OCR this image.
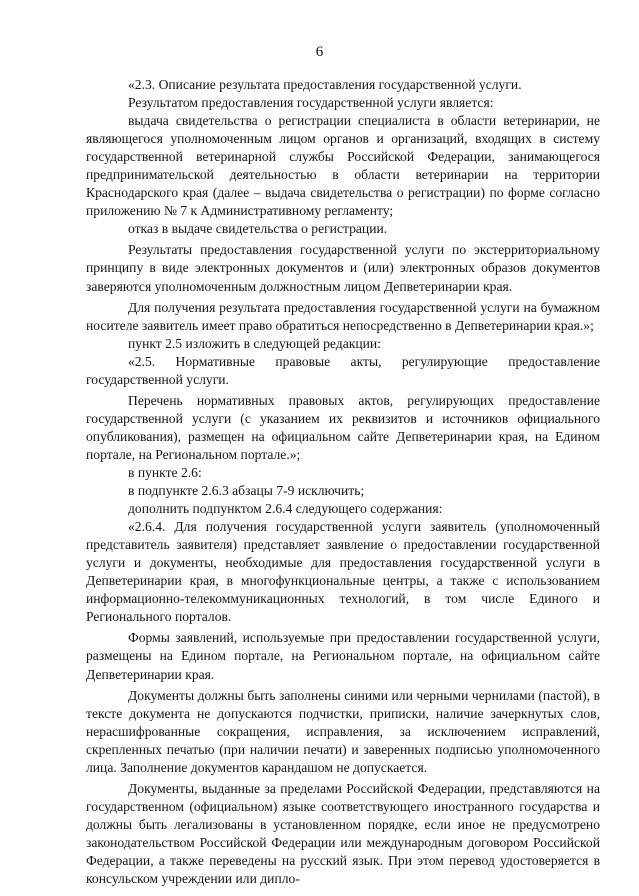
6

«2.3. Описание результата предоставления государственной услуги.

Результатом предоставления государственной услуги является:

выдача свидетельства о регистрации специалиста в области ветеринарии, не являющегося уполномоченным лицом органов и организаций, входящих в систему государственной ветеринарной службы Российской Федерации, занимающегося предпринимательской деятельностью в области ветеринарии на территории Краснодарского края (далее – выдача свидетельства о регистрации) по форме согласно приложению № 7 к Административному регламенту;

отказ в выдаче свидетельства о регистрации.

Результаты предоставления государственной услуги по экстерриториальному принципу в виде электронных документов и (или) электронных образов документов заверяются уполномоченным должностным лицом Депветеринарии края.

Для получения результата предоставления государственной услуги на бумажном носителе заявитель имеет право обратиться непосредственно в Депветеринарии края.»;

пункт 2.5 изложить в следующей редакции:

«2.5. Нормативные правовые акты, регулирующие предоставление государственной услуги.

Перечень нормативных правовых актов, регулирующих предоставление государственной услуги (с указанием их реквизитов и источников официального опубликования), размещен на официальном сайте Депветеринарии края, на Едином портале, на Региональном портале.»;

в пункте 2.6:

в подпункте 2.6.3 абзацы 7-9 исключить;

дополнить подпунктом 2.6.4 следующего содержания:

«2.6.4. Для получения государственной услуги заявитель (уполномоченный представитель заявителя) представляет заявление о предоставлении государственной услуги и документы, необходимые для предоставления государственной услуги в Депветеринарии края, в многофункциональные центры, а также с использованием информационно-телекоммуникационных технологий, в том числе Единого и Регионального порталов.

Формы заявлений, используемые при предоставлении государственной услуги, размещены на Едином портале, на Региональном портале, на официальном сайте Депветеринарии края.

Документы должны быть заполнены синими или черными чернилами (пастой), в тексте документа не допускаются подчистки, приписки, наличие зачеркнутых слов, нерасшифрованные сокращения, исправления, за исключением исправлений, скрепленных печатью (при наличии печати) и заверенных подписью уполномоченного лица. Заполнение документов карандашом не допускается.

Документы, выданные за пределами Российской Федерации, представляются на государственном (официальном) языке соответствующего иностранного государства и должны быть легализованы в установленном порядке, если иное не предусмотрено законодательством Российской Федерации или международным договором Российской Федерации, а также переведены на русский язык. При этом перевод удостоверяется в консульском учреждении или дипло-
